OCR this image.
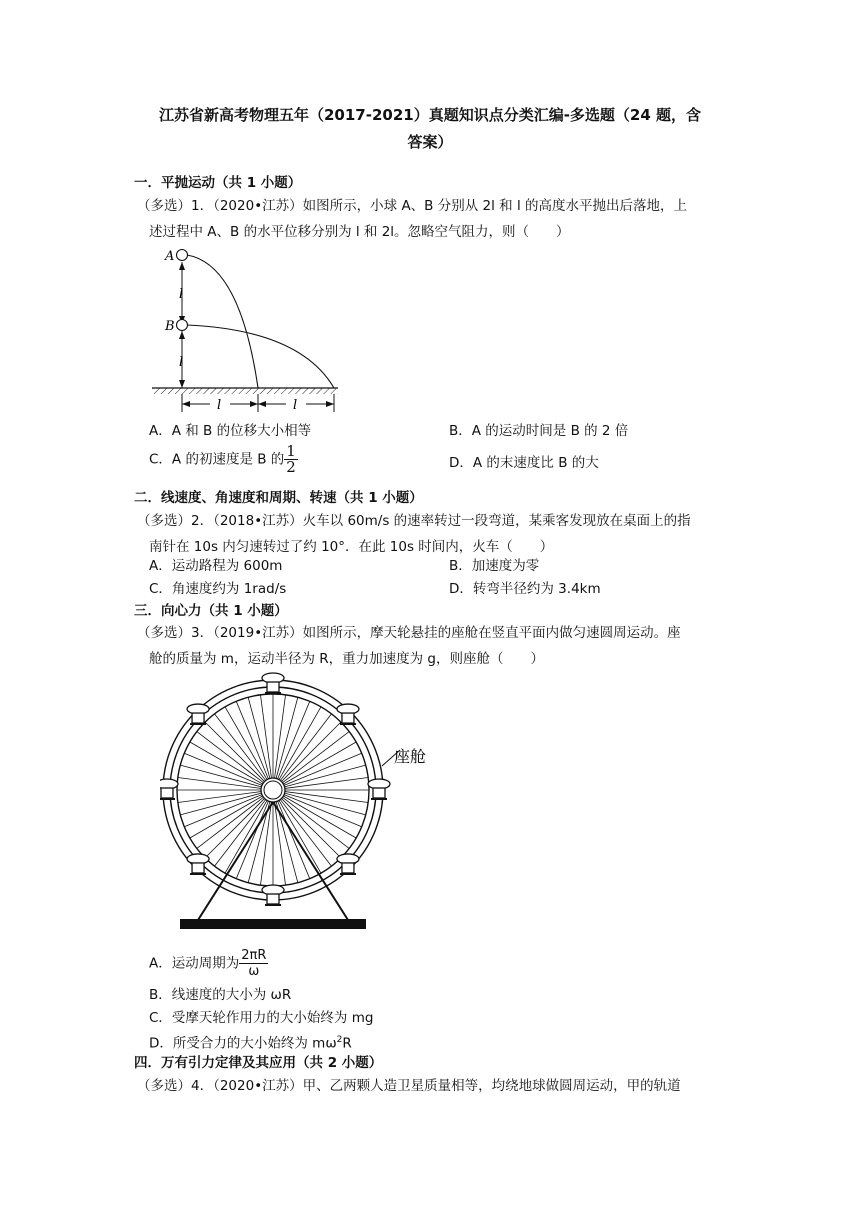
江苏省新高考物理五年（2017-2021）真题知识点分类汇编-多选题（24 题，含
答案）
一．平抛运动（共 1 小题）
（多选）1．（2020•江苏）如图所示，小球 A、B 分别从 2l 和 l 的高度水平抛出后落地，上
述过程中 A、B 的水平位移分别为 l 和 2l。忽略空气阻力，则（　　）
A
B
l
l
l	l
A．A 和 B 的位移大小相等	B．A 的运动时间是 B 的 2 倍
C．A 的初速度是 B 的 $\frac{1}{2}$	D．A 的末速度比 B 的大
二．线速度、角速度和周期、转速（共 1 小题）
（多选）2．（2018•江苏）火车以 60m/s 的速率转过一段弯道，某乘客发现放在桌面上的指
南针在 10s 内匀速转过了约 10°．在此 10s 时间内，火车（　　）
A．运动路程为 600m	B．加速度为零
C．角速度约为 1rad/s	D．转弯半径约为 3.4km
三．向心力（共 1 小题）
（多选）3．（2019•江苏）如图所示，摩天轮悬挂的座舱在竖直平面内做匀速圆周运动。座
舱的质量为 m，运动半径为 R，重力加速度为 g，则座舱（　　）
座舱
A．运动周期为 $\frac{2\pi R}{\omega}$
B．线速度的大小为 ωR
C．受摩天轮作用力的大小始终为 mg
D．所受合力的大小始终为 $m\omega^2R$
四．万有引力定律及其应用（共 2 小题）
（多选）4．（2020•江苏）甲、乙两颗人造卫星质量相等，均绕地球做圆周运动，甲的轨道
